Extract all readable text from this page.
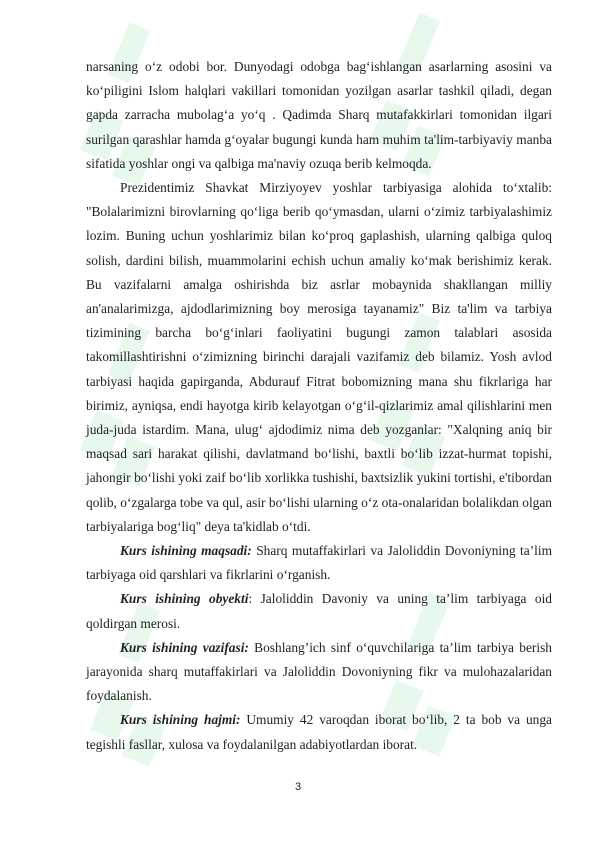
narsaning o‘z odobi bor. Dunyodagi odobga bag‘ishlangan asarlarning asosini va ko‘piligini Islom halqlari vakillari tomonidan yozilgan asarlar tashkil qiladi, degan gapda zarracha mubolag‘a yo‘q . Qadimda Sharq mutafakkirlari tomonidan ilgari surilgan qarashlar hamda g‘oyalar bugungi kunda ham muhim ta'lim-tarbiyaviy manba sifatida yoshlar ongi va qalbiga ma'naviy ozuqa berib kelmoqda.

Prezidentimiz Shavkat Mirziyoyev yoshlar tarbiyasiga alohida to‘xtalib: "Bolalarimizni birovlarning qo‘liga berib qo‘ymasdan, ularni o‘zimiz tarbiyalashimiz lozim. Buning uchun yoshlarimiz bilan ko‘proq gaplashish, ularning qalbiga quloq solish, dardini bilish, muammolarini echish uchun amaliy ko‘mak berishimiz kerak. Bu vazifalarni amalga oshirishda biz asrlar mobaynida shakllangan milliy an'analarimizga, ajdodlarimizning boy merosiga tayanamiz" Biz ta'lim va tarbiya tizimining barcha bo‘g‘inlari faoliyatini bugungi zamon talablari asosida takomillashtirishni o‘zimizning birinchi darajali vazifamiz deb bilamiz. Yosh avlod tarbiyasi haqida gapirganda, Abdurauf Fitrat bobomizning mana shu fikrlariga har birimiz, ayniqsa, endi hayotga kirib kelayotgan o‘g‘il-qizlarimiz amal qilishlarini men juda-juda istardim. Mana, ulug‘ ajdodimiz nima deb yozganlar: "Xalqning aniq bir maqsad sari harakat qilishi, davlatmand bo‘lishi, baxtli bo‘lib izzat-hurmat topishi, jahongir bo‘lishi yoki zaif bo‘lib xorlikka tushishi, baxtsizlik yukini tortishi, e'tibordan qolib, o‘zgalarga tobe va qul, asir bo‘lishi ularning o‘z ota-onalaridan bolalikdan olgan tarbiyalariga bog‘liq" deya ta'kidlab o‘tdi.

Kurs ishining maqsadi: Sharq mutaffakirlari va Jaloliddin Dovoniyning ta’lim tarbiyaga oid qarshlari va fikrlarini o‘rganish.

Kurs ishining obyekti: Jaloliddin Davoniy va uning ta’lim tarbiyaga oid qoldirgan merosi.

Kurs ishining vazifasi: Boshlang’ich sinf o‘quvchilariga ta’lim tarbiya berish jarayonida sharq mutaffakirlari va Jaloliddin Dovoniyning fikr va mulohazalaridan foydalanish.

Kurs ishining hajmi: Umumiy 42 varoqdan iborat bo‘lib, 2 ta bob va unga tegishli fasllar, xulosa va foydalanilgan adabiyotlardan iborat.

3
